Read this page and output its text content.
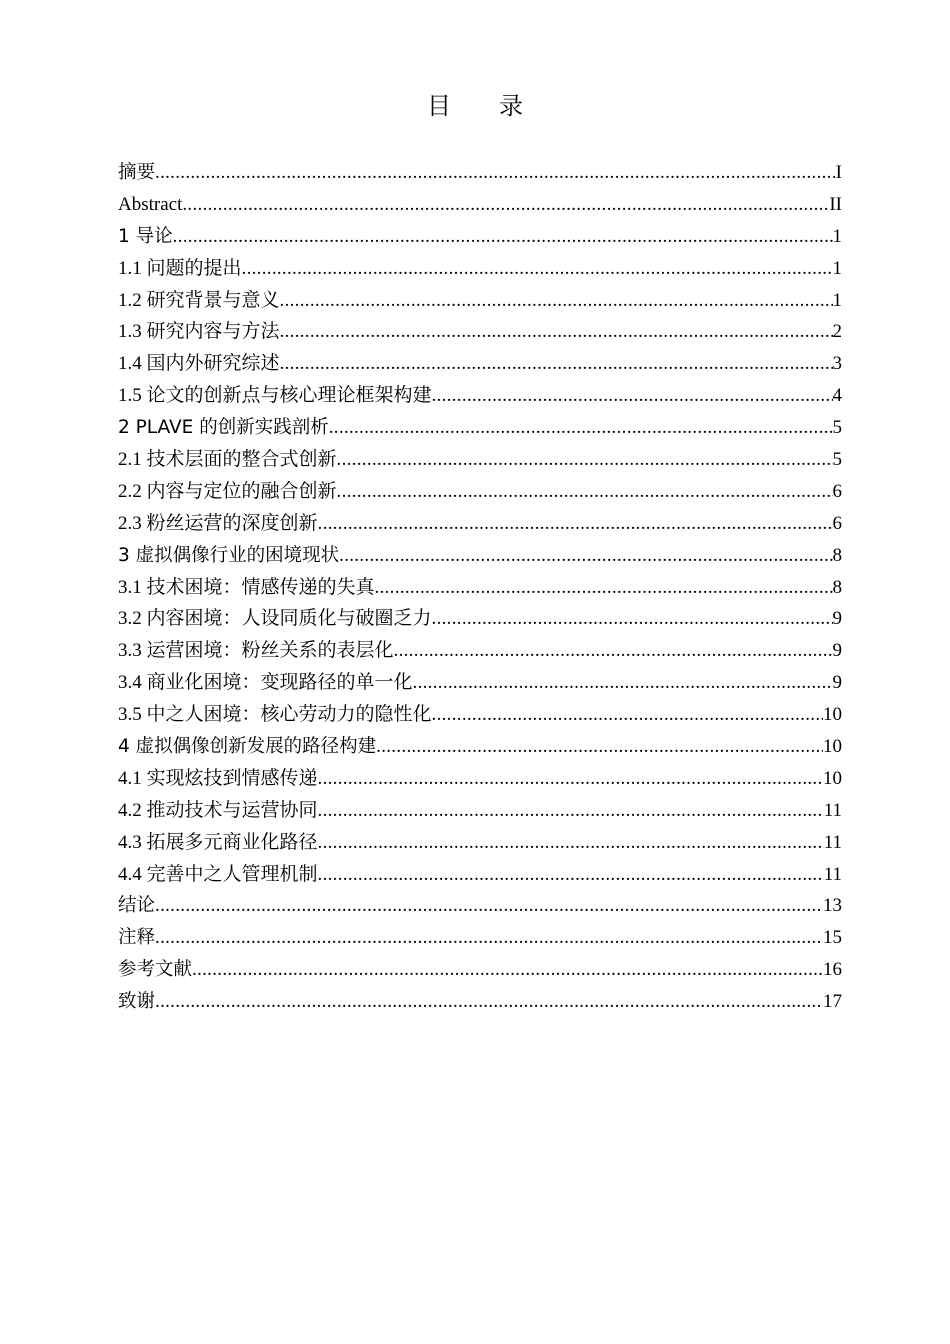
目 录
摘要 .....	I
Abstract .....	II
1 导论 .....	1
1.1 问题的提出 .....	1
1.2 研究背景与意义 .....	1
1.3 研究内容与方法 .....	2
1.4 国内外研究综述 .....	3
1.5 论文的创新点与核心理论框架构建 .....	4
2 PLAVE 的创新实践剖析 .....	5
2.1 技术层面的整合式创新 .....	5
2.2 内容与定位的融合创新 .....	6
2.3 粉丝运营的深度创新 .....	6
3 虚拟偶像行业的困境现状 .....	8
3.1 技术困境：情感传递的失真 .....	8
3.2 内容困境：人设同质化与破圈乏力 .....	9
3.3 运营困境：粉丝关系的表层化 .....	9
3.4 商业化困境：变现路径的单一化 .....	9
3.5 中之人困境：核心劳动力的隐性化 .....	10
4 虚拟偶像创新发展的路径构建 .....	10
4.1 实现炫技到情感传递 .....	10
4.2 推动技术与运营协同 .....	11
4.3 拓展多元商业化路径 .....	11
4.4 完善中之人管理机制 .....	11
结论 .....	13
注释 .....	15
参考文献 .....	16
致谢 .....	17
